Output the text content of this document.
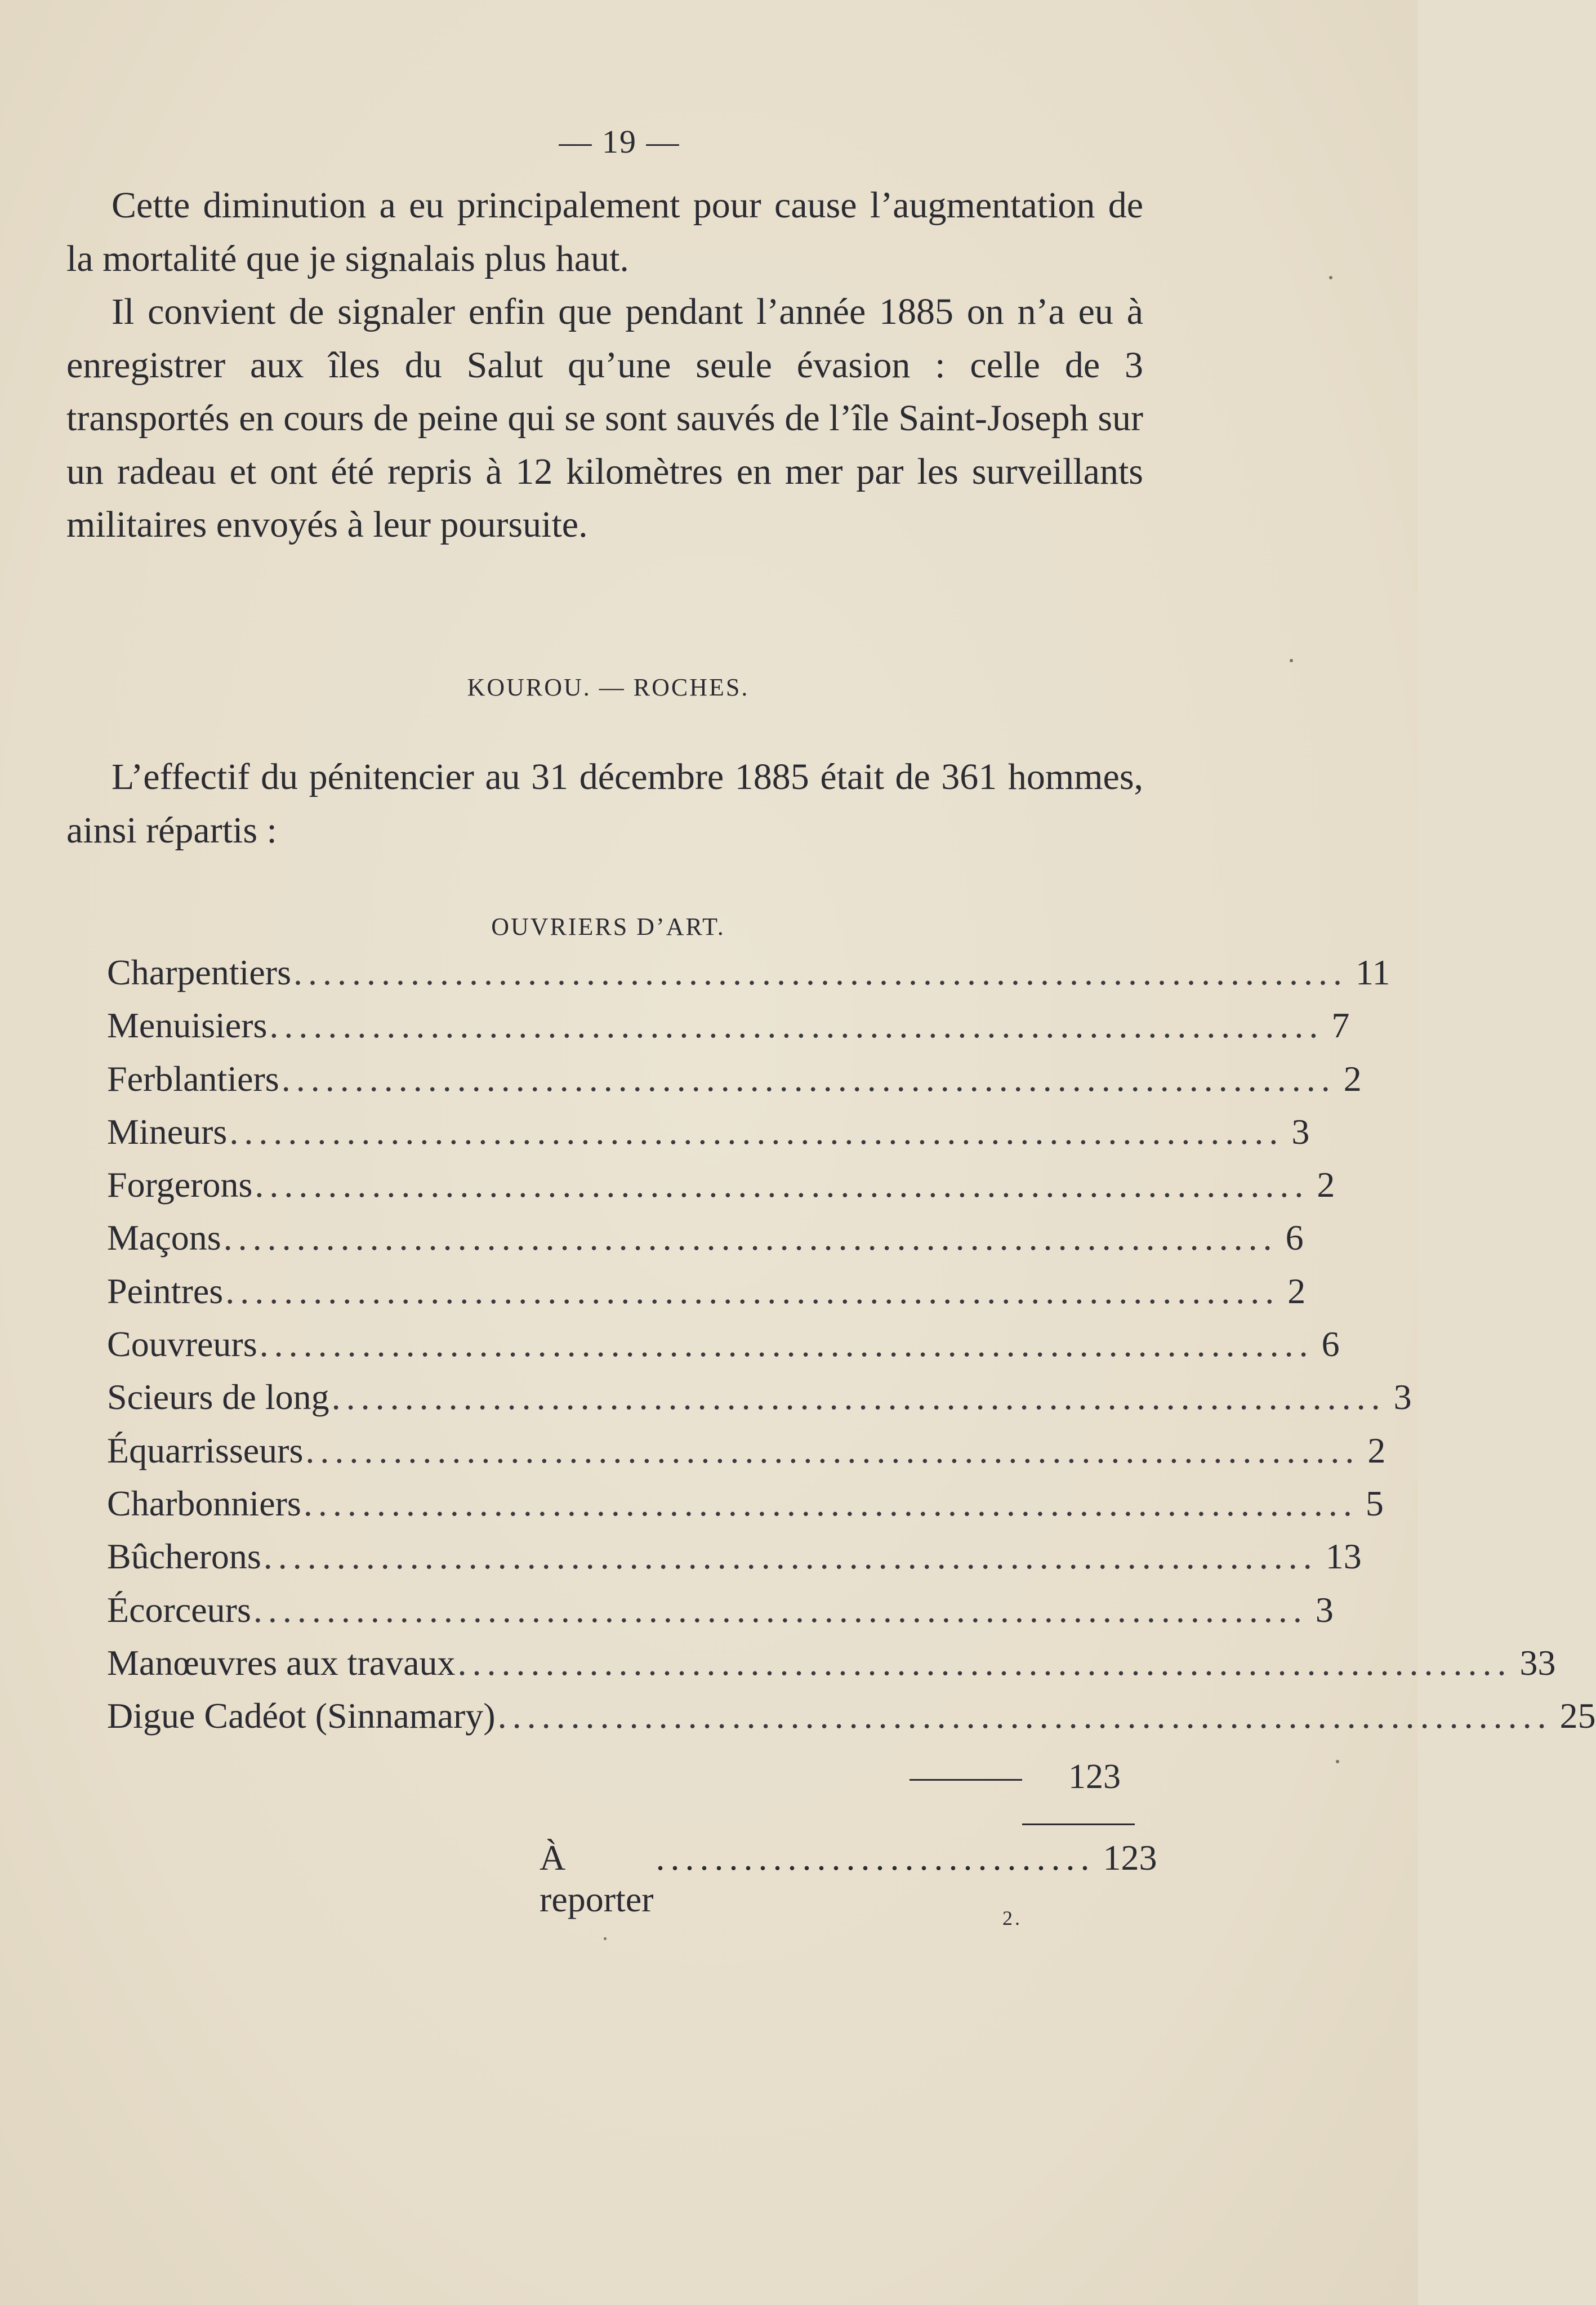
— 19 —

Cette diminution a eu principalement pour cause l’augmentation de la mortalité que je signalais plus haut.

Il convient de signaler enfin que pendant l’année 1885 on n’a eu à enregistrer aux îles du Salut qu’une seule évasion : celle de 3 transportés en cours de peine qui se sont sauvés de l’île Saint-Joseph sur un radeau et ont été repris à 12 kilomètres en mer par les surveillants militaires envoyés à leur poursuite.

KOUROU. — ROCHES.

L’effectif du pénitencier au 31 décembre 1885 était de 361 hommes, ainsi répartis :

OUVRIERS D’ART.
Charpentiers ........................................................................ 11
Menuisiers ........................................................................ 7
Ferblantiers ........................................................................ 2
Mineurs ........................................................................ 3
Forgerons ........................................................................ 2
Maçons ........................................................................ 6
Peintres ........................................................................ 2
Couvreurs ........................................................................ 6
Scieurs de long ........................................................................ 3
Équarrisseurs ........................................................................ 2
Charbonniers ........................................................................ 5
Bûcherons ........................................................................ 13
Écorceurs ........................................................................ 3
Manœuvres aux travaux ........................................................................ 33
Digue Cadéot (Sinnamary) ........................................................................ 25
123
À reporter
.............................. 123
2.
